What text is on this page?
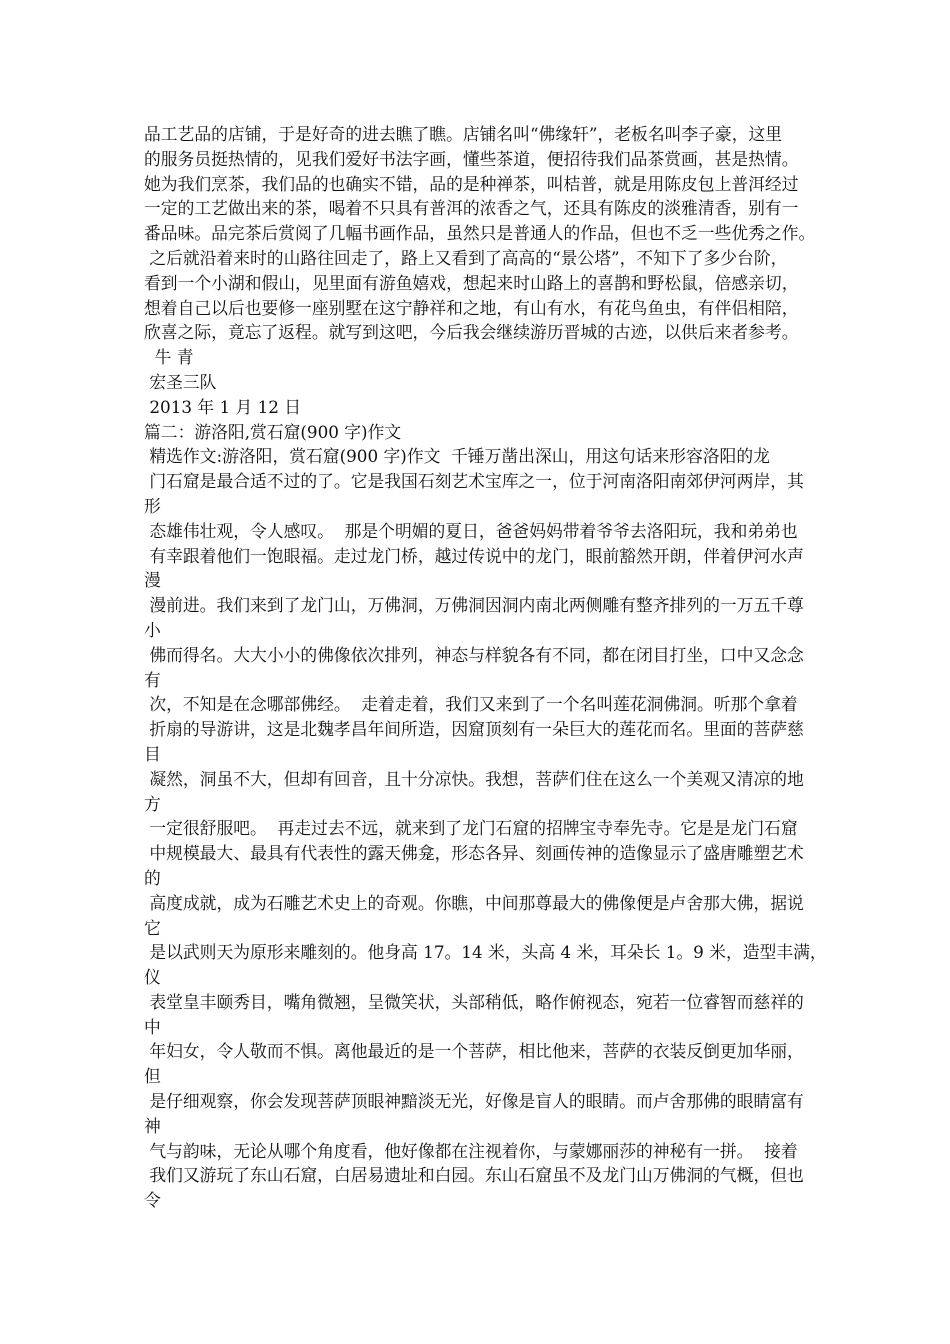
品工艺品的店铺，于是好奇的进去瞧了瞧。店铺名叫“佛缘轩”，老板名叫李子豪，这里
的服务员挺热情的，见我们爱好书法字画，懂些茶道，便招待我们品茶赏画，甚是热情。
她为我们烹茶，我们品的也确实不错，品的是种禅茶，叫桔普，就是用陈皮包上普洱经过
一定的工艺做出来的茶，喝着不只具有普洱的浓香之气，还具有陈皮的淡雅清香，别有一
番品味。品完茶后赏阅了几幅书画作品，虽然只是普通人的作品，但也不乏一些优秀之作。
之后就沿着来时的山路往回走了，路上又看到了高高的“景公塔”，不知下了多少台阶，
看到一个小湖和假山，见里面有游鱼嬉戏，想起来时山路上的喜鹊和野松鼠，倍感亲切，
想着自己以后也要修一座别墅在这宁静祥和之地，有山有水，有花鸟鱼虫，有伴侣相陪，
欣喜之际，竟忘了返程。就写到这吧，今后我会继续游历晋城的古迹，以供后来者参考。
牛 青
宏圣三队
2013 年 1 月 12 日
篇二：游洛阳,赏石窟(900 字)作文
精选作文:游洛阳，赏石窟(900 字)作文  千锤万凿出深山，用这句话来形容洛阳的龙
门石窟是最合适不过的了。它是我国石刻艺术宝库之一，位于河南洛阳南郊伊河两岸，其
形
态雄伟壮观，令人感叹。  那是个明媚的夏日，爸爸妈妈带着爷爷去洛阳玩，我和弟弟也
有幸跟着他们一饱眼福。走过龙门桥，越过传说中的龙门，眼前豁然开朗，伴着伊河水声
漫
漫前进。我们来到了龙门山，万佛洞，万佛洞因洞内南北两侧雕有整齐排列的一万五千尊
小
佛而得名。大大小小的佛像依次排列，神态与样貌各有不同，都在闭目打坐，口中又念念
有
次，不知是在念哪部佛经。  走着走着，我们又来到了一个名叫莲花洞佛洞。听那个拿着
折扇的导游讲，这是北魏孝昌年间所造，因窟顶刻有一朵巨大的莲花而名。里面的菩萨慈
目
凝然，洞虽不大，但却有回音，且十分凉快。我想，菩萨们住在这么一个美观又清凉的地
方
一定很舒服吧。  再走过去不远，就来到了龙门石窟的招牌宝寺奉先寺。它是是龙门石窟
中规模最大、最具有代表性的露天佛龛，形态各异、刻画传神的造像显示了盛唐雕塑艺术
的
高度成就，成为石雕艺术史上的奇观。你瞧，中间那尊最大的佛像便是卢舍那大佛，据说
它
是以武则天为原形来雕刻的。他身高 17。14 米，头高 4 米，耳朵长 1。9 米，造型丰满，
仪
表堂皇丰颐秀目，嘴角微翘，呈微笑状，头部稍低，略作俯视态，宛若一位睿智而慈祥的
中
年妇女，令人敬而不惧。离他最近的是一个菩萨，相比他来，菩萨的衣装反倒更加华丽，
但
是仔细观察，你会发现菩萨顶眼神黯淡无光，好像是盲人的眼睛。而卢舍那佛的眼睛富有
神
气与韵味，无论从哪个角度看，他好像都在注视着你，与蒙娜丽莎的神秘有一拼。  接着
我们又游玩了东山石窟，白居易遗址和白园。东山石窟虽不及龙门山万佛洞的气概，但也
令
